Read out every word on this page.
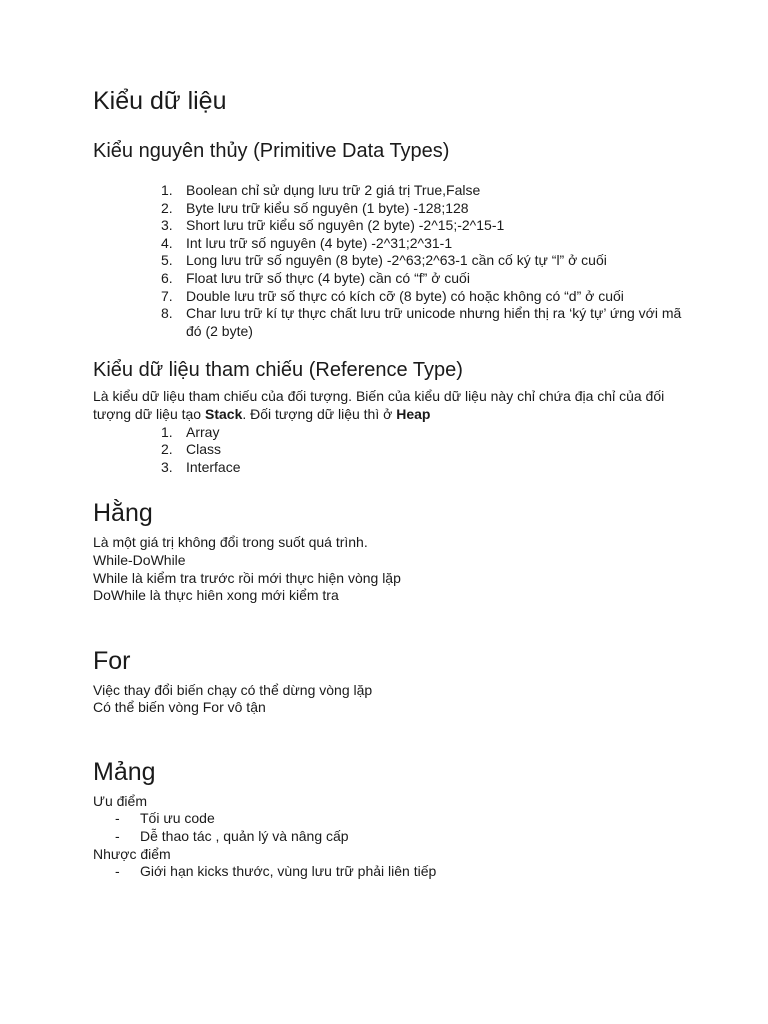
Kiểu dữ liệu
Kiểu nguyên thủy (Primitive Data Types)
1. Boolean chỉ sử dụng lưu trữ 2 giá trị True,False
2. Byte lưu trữ kiểu số nguyên (1 byte) -128;128
3. Short lưu trữ kiểu số nguyên (2 byte) -2^15;-2^15-1
4. Int lưu trữ số nguyên (4 byte) -2^31;2^31-1
5. Long lưu trữ số nguyên (8 byte) -2^63;2^63-1 cần cố ký tự “l” ở cuối
6. Float lưu trữ số thực (4 byte) cần có “f” ở cuối
7. Double lưu trữ số thực có kích cỡ (8 byte) có hoặc không có “d” ở cuối
8. Char lưu trữ kí tự thực chất lưu trữ unicode nhưng hiển thị ra ‘ký tự’ ứng với mã đó (2 byte)
Kiểu dữ liệu tham chiếu (Reference Type)

Là kiểu dữ liệu tham chiếu của đối tượng. Biến của kiểu dữ liệu này chỉ chứa địa chỉ của đối tượng dữ liệu tạo Stack. Đối tượng dữ liệu thì ở Heap

1. Array
2. Class
3. Interface
Hằng

Là một giá trị không đổi trong suốt quá trình.

While-DoWhile

While là kiểm tra trước rồi mới thực hiện vòng lặp

DoWhile là thực hiên xong mới kiểm tra

For

Việc thay đổi biến chạy có thể dừng vòng lặp

Có thể biến vòng For vô tận

Mảng

Ưu điểm

- Tối ưu code
- Dễ thao tác , quản lý và nâng cấp

Nhược điểm

- Giới hạn kicks thước, vùng lưu trữ phải liên tiếp
